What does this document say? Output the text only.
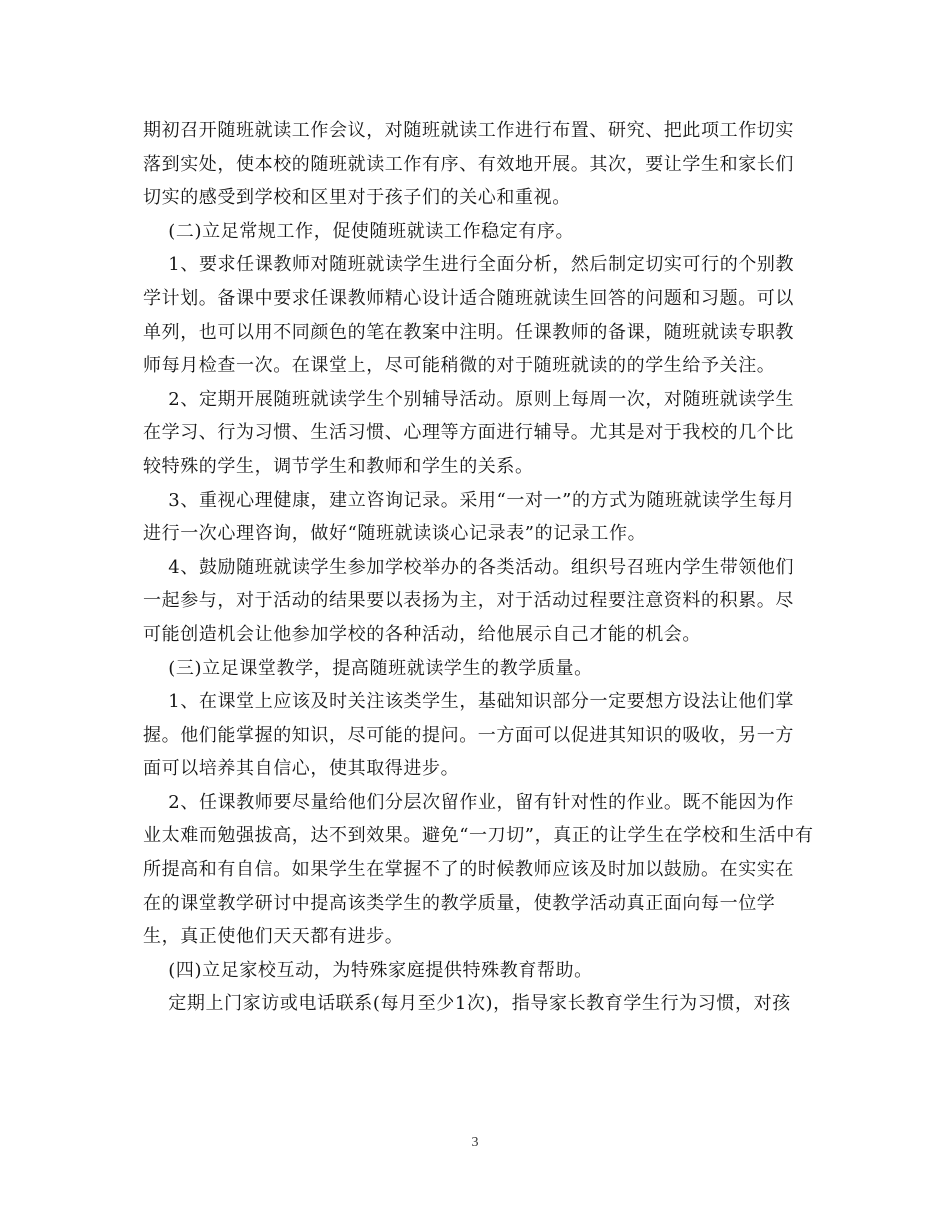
期初召开随班就读工作会议，对随班就读工作进行布置、研究、把此项工作切实
落到实处，使本校的随班就读工作有序、有效地开展。其次，要让学生和家长们
切实的感受到学校和区里对于孩子们的关心和重视。
(二)立足常规工作，促使随班就读工作稳定有序。
1、要求任课教师对随班就读学生进行全面分析，然后制定切实可行的个别教
学计划。备课中要求任课教师精心设计适合随班就读生回答的问题和习题。可以
单列，也可以用不同颜色的笔在教案中注明。任课教师的备课，随班就读专职教
师每月检查一次。在课堂上，尽可能稍微的对于随班就读的的学生给予关注。
2、定期开展随班就读学生个别辅导活动。原则上每周一次，对随班就读学生
在学习、行为习惯、生活习惯、心理等方面进行辅导。尤其是对于我校的几个比
较特殊的学生，调节学生和教师和学生的关系。
3、重视心理健康，建立咨询记录。采用“一对一”的方式为随班就读学生每月
进行一次心理咨询，做好“随班就读谈心记录表”的记录工作。
4、鼓励随班就读学生参加学校举办的各类活动。组织号召班内学生带领他们
一起参与，对于活动的结果要以表扬为主，对于活动过程要注意资料的积累。尽
可能创造机会让他参加学校的各种活动，给他展示自己才能的机会。
(三)立足课堂教学，提高随班就读学生的教学质量。
1、在课堂上应该及时关注该类学生，基础知识部分一定要想方设法让他们掌
握。他们能掌握的知识，尽可能的提问。一方面可以促进其知识的吸收，另一方
面可以培养其自信心，使其取得进步。
2、任课教师要尽量给他们分层次留作业，留有针对性的作业。既不能因为作
业太难而勉强拔高，达不到效果。避免“一刀切”，真正的让学生在学校和生活中有
所提高和有自信。如果学生在掌握不了的时候教师应该及时加以鼓励。在实实在
在的课堂教学研讨中提高该类学生的教学质量，使教学活动真正面向每一位学
生，真正使他们天天都有进步。
(四)立足家校互动，为特殊家庭提供特殊教育帮助。
定期上门家访或电话联系(每月至少1次)，指导家长教育学生行为习惯，对孩
3
